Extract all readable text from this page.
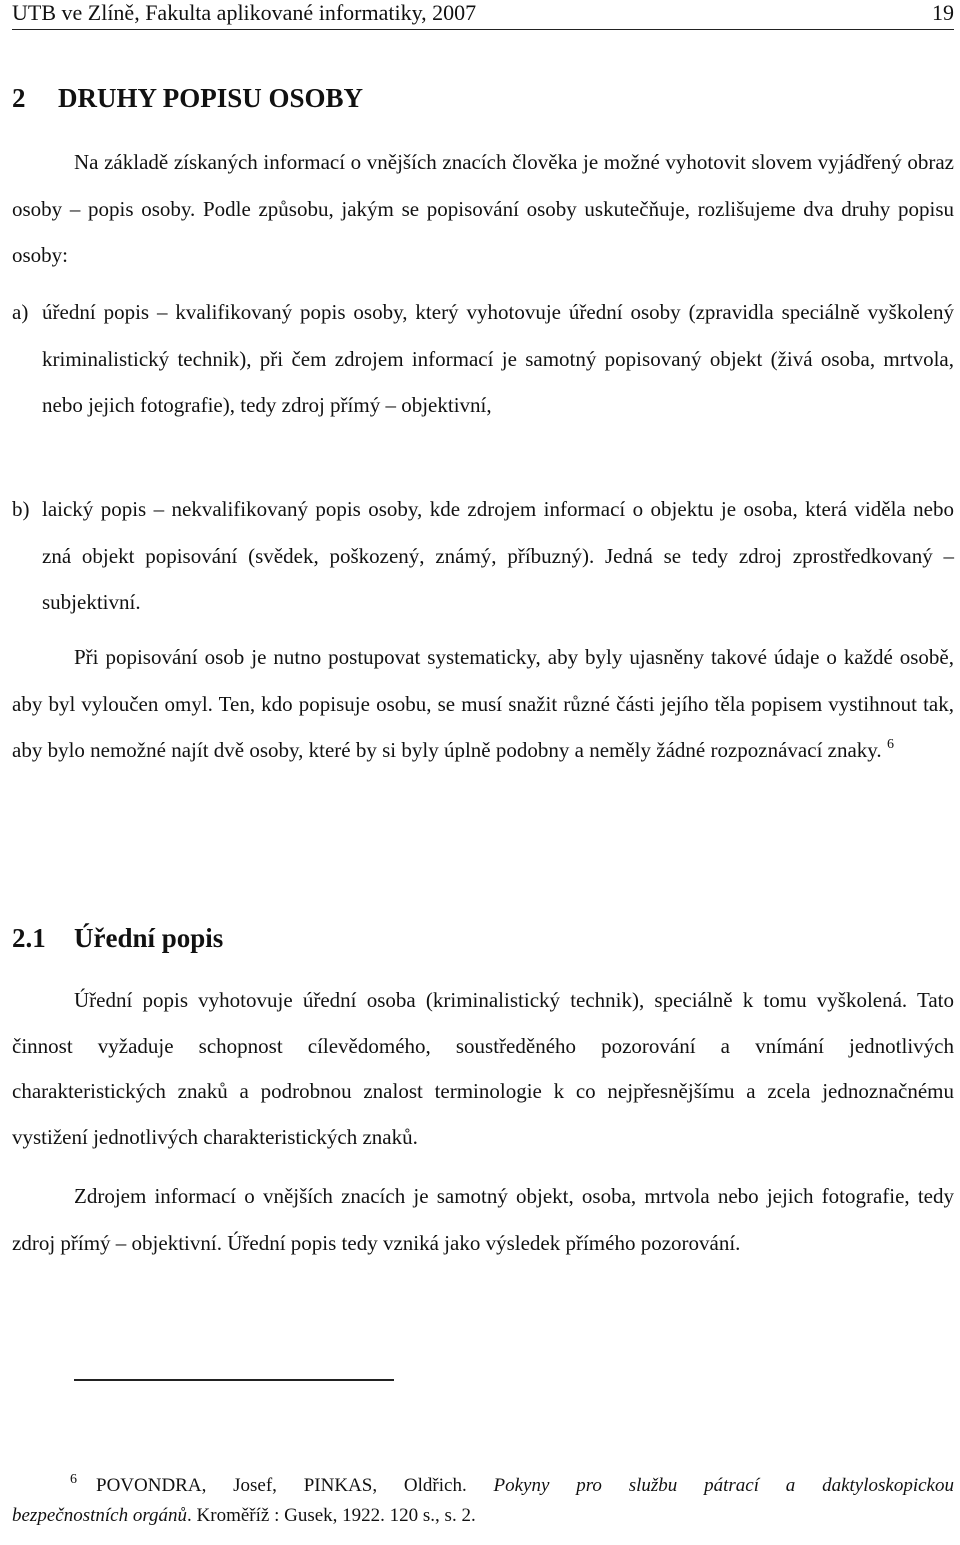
UTB ve Zlíně, Fakulta aplikované informatiky, 2007	19
2 DRUHY POPISU OSOBY

Na základě získaných informací o vnějších znacích člověka je možné vyhotovit slovem vyjádřený obraz osoby – popis osoby. Podle způsobu, jakým se popisování osoby uskutečňuje, rozlišujeme dva druhy popisu osoby:

a) úřední popis – kvalifikovaný popis osoby, který vyhotovuje úřední osoby (zpravidla speciálně vyškolený kriminalistický technik), při čem zdrojem informací je samotný popisovaný objekt (živá osoba, mrtvola, nebo jejich fotografie), tedy zdroj přímý – objektivní,

b) laický popis – nekvalifikovaný popis osoby, kde zdrojem informací o objektu je osoba, která viděla nebo zná objekt popisování (svědek, poškozený, známý, příbuzný). Jedná se tedy zdroj zprostředkovaný – subjektivní.

Při popisování osob je nutno postupovat systematicky, aby byly ujasněny takové údaje o každé osobě, aby byl vyloučen omyl. Ten, kdo popisuje osobu, se musí snažit různé části jejího těla popisem vystihnout tak, aby bylo nemožné najít dvě osoby, které by si byly úplně podobny a neměly žádné rozpoznávací znaky. $^6$

2.1 Úřední popis

Úřední popis vyhotovuje úřední osoba (kriminalistický technik), speciálně k tomu vyškolená. Tato činnost vyžaduje schopnost cílevědomého, soustředěného pozorování a vnímání jednotlivých charakteristických znaků a podrobnou znalost terminologie k co nejpřesnějšímu a zcela jednoznačnému vystižení jednotlivých charakteristických znaků.

Zdrojem informací o vnějších znacích je samotný objekt, osoba, mrtvola nebo jejich fotografie, tedy zdroj přímý – objektivní. Úřední popis tedy vzniká jako výsledek přímého pozorování.

6	POVONDRA, Josef, PINKAS, Oldřich. Pokyny pro službu pátrací a daktyloskopickou
bezpečnostních orgánů. Kroměříž : Gusek, 1922. 120 s., s. 2.
